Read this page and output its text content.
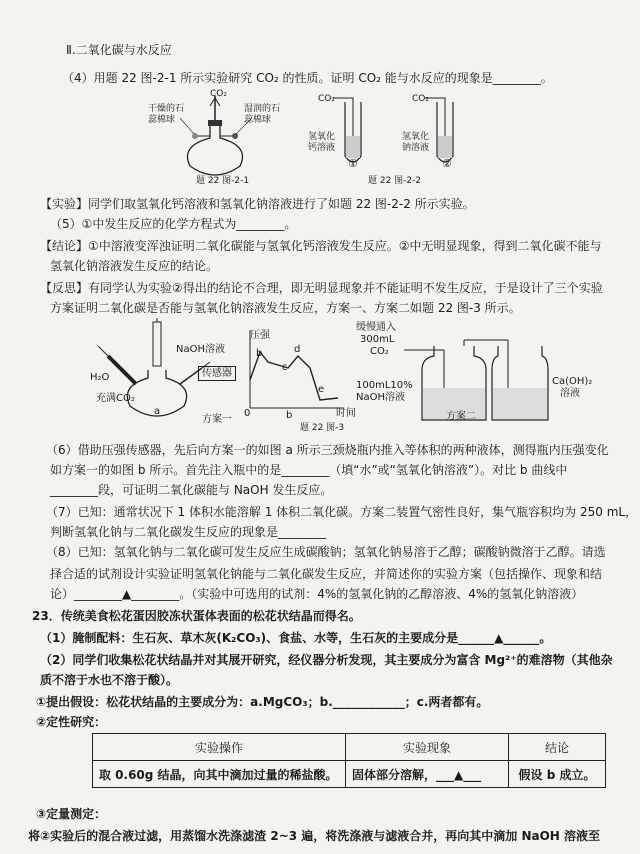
Ⅱ.二氧化碳与水反应
（4）用题 22 图-2-1 所示实验研究 CO₂ 的性质。证明 CO₂ 能与水反应的现象是________。
CO₂
干燥的石
蕊棉球
湿润的石
蕊棉球
题 22 图-2-1
CO₂	CO₂
氢氧化
钙溶液
氢氧化
钠溶液
①	②
题 22 图-2-2
【实验】同学们取氢氧化钙溶液和氢氧化钠溶液进行了如题 22 图-2-2 所示实验。
（5）①中发生反应的化学方程式为________。
【结论】①中溶液变浑浊证明二氧化碳能与氢氧化钙溶液发生反应。②中无明显现象，得到二氧化碳不能与
氢氧化钠溶液发生反应的结论。
【反思】有同学认为实验②得出的结论不合理，即无明显现象并不能证明不发生反应，于是设计了三个实验
方案证明二氧化碳是否能与氢氧化钠溶液发生反应，方案一、方案二如题 22 图-3 所示。
NaOH溶液
H₂O	传感器
充满CO₂
a
压强
b
c
d
e
0	时间
b
方案一
缓慢通入
300mL
CO₂
100mL10%
NaOH溶液
Ca(OH)₂
溶液
方案二
题 22 图-3
（6）借助压强传感器，先后向方案一的如图 a 所示三颈烧瓶内推入等体积的两种液体，测得瓶内压强变化
如方案一的如图 b 所示。首先注入瓶中的是________（填“水”或“氢氧化钠溶液”）。对比 b 曲线中
________段，可证明二氧化碳能与 NaOH 发生反应。
（7）已知：通常状况下 1 体积水能溶解 1 体积二氧化碳。方案二装置气密性良好，集气瓶容积均为 250 mL，
判断氢氧化钠与二氧化碳发生反应的现象是________
（8）已知：氢氧化钠与二氧化碳可发生反应生成碳酸钠；氢氧化钠易溶于乙醇；碳酸钠微溶于乙醇。请选
择合适的试剂设计实验证明氢氧化钠能与二氧化碳发生反应，并简述你的实验方案（包括操作、现象和结
论）________▲________。（实验中可选用的试剂：4%的氢氧化钠的乙醇溶液、4%的氢氧化钠溶液）
23．传统美食松花蛋因胶冻状蛋体表面的松花状结晶而得名。
（1）腌制配料：生石灰、草木灰(K₂CO₃)、食盐、水等，生石灰的主要成分是______▲______。
（2）同学们收集松花状结晶并对其展开研究，经仪器分析发现，其主要成分为富含 Mg²⁺的难溶物（其他杂
质不溶于水也不溶于酸）。
①提出假设：松花状结晶的主要成分为：a.MgCO₃；b.____________；c.两者都有。
②定性研究：
实验操作	实验现象	结论
取 0.60g 结晶，向其中滴加过量的稀盐酸。	固体部分溶解，___▲___	假设 b 成立。
③定量测定：
将②实验后的混合液过滤，用蒸馏水洗涤滤渣 2~3 遍，将洗涤液与滤液合并，再向其中滴加 NaOH 溶液至
